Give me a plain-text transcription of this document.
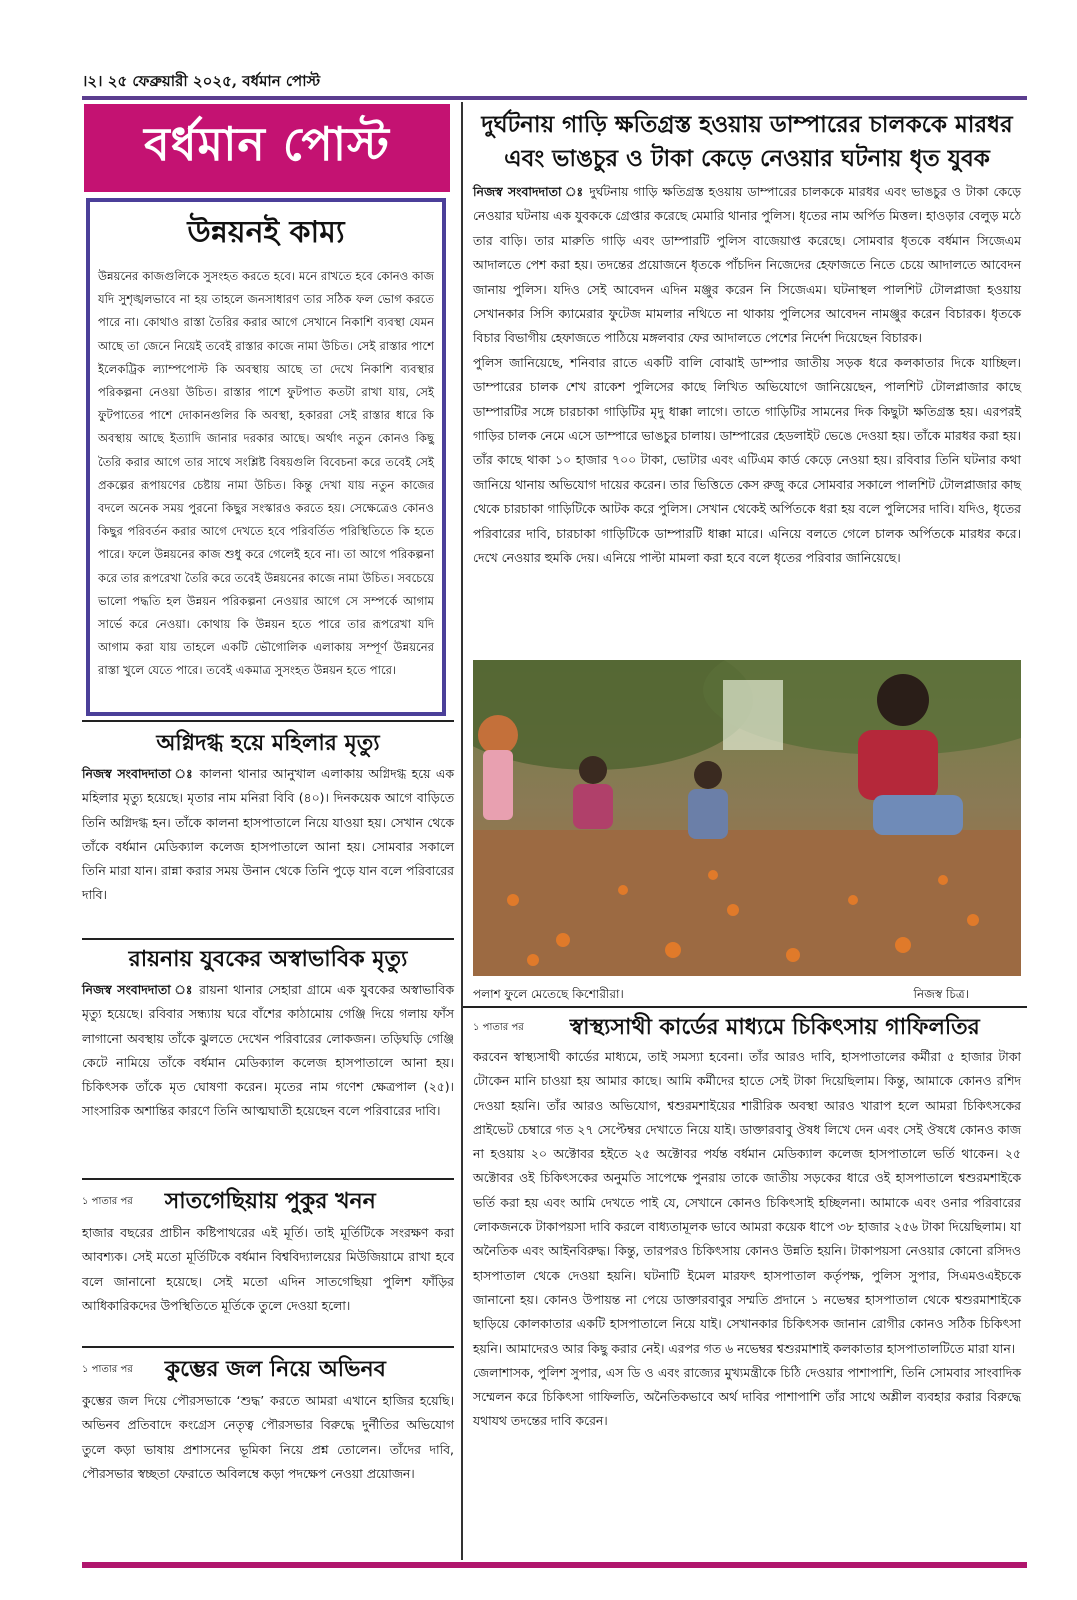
।২। ২৫ ফেব্রুয়ারী ২০২৫, বর্ধমান পোস্ট
বর্ধমান পোস্ট
উন্নয়নই কাম্য

উন্নয়নের কাজগুলিকে সুসংহত করতে হবে। মনে রাখতে হবে কোনও কাজ যদি সুশৃঙ্খলভাবে না হয় তাহলে জনসাধারণ তার সঠিক ফল ভোগ করতে পারে না। কোথাও রাস্তা তৈরির করার আগে সেখানে নিকাশি ব্যবস্থা যেমন আছে তা জেনে নিয়েই তবেই রাস্তার কাজে নামা উচিত। সেই রাস্তার পাশে ইলেকট্রিক ল্যাম্পপোস্ট কি অবস্থায় আছে তা দেখে নিকাশি ব্যবস্থার পরিকল্পনা নেওয়া উচিত। রাস্তার পাশে ফুটপাত কতটা রাখা যায়, সেই ফুটপাতের পাশে দোকানগুলির কি অবস্থা, হকাররা সেই রাস্তার ধারে কি অবস্থায় আছে ইত্যাদি জানার দরকার আছে। অর্থাৎ নতুন কোনও কিছু তৈরি করার আগে তার সাথে সংশ্লিষ্ট বিষয়গুলি বিবেচনা করে তবেই সেই প্রকল্পের রূপায়ণের চেষ্টায় নামা উচিত। কিন্তু দেখা যায় নতুন কাজের বদলে অনেক সময় পুরনো কিছুর সংস্কারও করতে হয়। সেক্ষেত্রেও কোনও কিছুর পরিবর্তন করার আগে দেখতে হবে পরিবর্তিত পরিস্থিতিতে কি হতে পারে। ফলে উন্নয়নের কাজ শুধু করে গেলেই হবে না। তা আগে পরিকল্পনা করে তার রূপরেখা তৈরি করে তবেই উন্নয়নের কাজে নামা উচিত। সবচেয়ে ভালো পদ্ধতি হল উন্নয়ন পরিকল্পনা নেওয়ার আগে সে সম্পর্কে আগাম সার্ভে করে নেওয়া। কোথায় কি উন্নয়ন হতে পারে তার রূপরেখা যদি আগাম করা যায় তাহলে একটি ভৌগোলিক এলাকায় সম্পূর্ণ উন্নয়নের রাস্তা খুলে যেতে পারে। তবেই একমাত্র সুসংহত উন্নয়ন হতে পারে।

অগ্নিদগ্ধ হয়ে মহিলার মৃত্যু

নিজস্ব সংবাদদাতা ঃ কালনা থানার আনুখাল এলাকায় অগ্নিদগ্ধ হয়ে এক মহিলার মৃত্যু হয়েছে। মৃতার নাম মনিরা বিবি (৪০)। দিনকয়েক আগে বাড়িতে তিনি অগ্নিদগ্ধ হন। তাঁকে কালনা হাসপাতালে নিয়ে যাওয়া হয়। সেখান থেকে তাঁকে বর্ধমান মেডিক্যাল কলেজ হাসপাতালে আনা হয়। সোমবার সকালে তিনি মারা যান। রান্না করার সময় উনান থেকে তিনি পুড়ে যান বলে পরিবারের দাবি।

রায়নায় যুবকের অস্বাভাবিক মৃত্যু

নিজস্ব সংবাদদাতা ঃ রায়না থানার সেহারা গ্রামে এক যুবকের অস্বাভাবিক মৃত্যু হয়েছে। রবিবার সন্ধ্যায় ঘরে বাঁশের কাঠামোয় গেঞ্জি দিয়ে গলায় ফাঁস লাগানো অবস্থায় তাঁকে ঝুলতে দেখেন পরিবারের লোকজন। তড়িঘড়ি গেঞ্জি কেটে নামিয়ে তাঁকে বর্ধমান মেডিক্যাল কলেজ হাসপাতালে আনা হয়। চিকিৎসক তাঁকে মৃত ঘোষণা করেন। মৃতের নাম গণেশ ক্ষেত্রপাল (২৫)। সাংসারিক অশান্তির কারণে তিনি আত্মঘাতী হয়েছেন বলে পরিবারের দাবি।

১ পাতার পর সাতগেছিয়ায় পুকুর খনন

হাজার বছরের প্রাচীন কষ্টিপাথরের এই মূর্তি। তাই মূর্তিটিকে সংরক্ষণ করা আবশ্যক। সেই মতো মূর্তিটিকে বর্ধমান বিশ্ববিদ্যালয়ের মিউজিয়ামে রাখা হবে বলে জানানো হয়েছে। সেই মতো এদিন সাতগেছিয়া পুলিশ ফাঁড়ির আধিকারিকদের উপস্থিতিতে মূর্তিকে তুলে দেওয়া হলো।

১ পাতার পর কুম্ভের জল নিয়ে অভিনব

কুম্ভের জল দিয়ে পৌরসভাকে ‘শুদ্ধ’ করতে আমরা এখানে হাজির হয়েছি। অভিনব প্রতিবাদে কংগ্রেস নেতৃত্ব পৌরসভার বিরুদ্ধে দুর্নীতির অভিযোগ তুলে কড়া ভাষায় প্রশাসনের ভূমিকা নিয়ে প্রশ্ন তোলেন। তাঁদের দাবি, পৌরসভার স্বচ্ছতা ফেরাতে অবিলম্বে কড়া পদক্ষেপ নেওয়া প্রয়োজন।

দুর্ঘটনায় গাড়ি ক্ষতিগ্রস্ত হওয়ায় ডাম্পারের চালককে মারধর
এবং ভাঙচুর ও টাকা কেড়ে নেওয়ার ঘটনায় ধৃত যুবক

নিজস্ব সংবাদদাতা ঃ দুর্ঘটনায় গাড়ি ক্ষতিগ্রস্ত হওয়ায় ডাম্পারের চালককে মারধর এবং ভাঙচুর ও টাকা কেড়ে নেওয়ার ঘটনায় এক যুবককে গ্রেপ্তার করেছে মেমারি থানার পুলিস। ধৃতের নাম অর্পিত মিত্তল। হাওড়ার বেলুড় মঠে তার বাড়ি। তার মারুতি গাড়ি এবং ডাম্পারটি পুলিস বাজেয়াপ্ত করেছে। সোমবার ধৃতকে বর্ধমান সিজেএম আদালতে পেশ করা হয়। তদন্তের প্রয়োজনে ধৃতকে পাঁচদিন নিজেদের হেফাজতে নিতে চেয়ে আদালতে আবেদন জানায় পুলিস। যদিও সেই আবেদন এদিন মঞ্জুর করেন নি সিজেএম। ঘটনাস্থল পালশিট টোলপ্লাজা হওয়ায় সেখানকার সিসি ক্যামেরার ফুটেজ মামলার নথিতে না থাকায় পুলিসের আবেদন নামঞ্জুর করেন বিচারক। ধৃতকে বিচার বিভাগীয় হেফাজতে পাঠিয়ে মঙ্গলবার ফের আদালতে পেশের নির্দেশ দিয়েছেন বিচারক।

পুলিস জানিয়েছে, শনিবার রাতে একটি বালি বোঝাই ডাম্পার জাতীয় সড়ক ধরে কলকাতার দিকে যাচ্ছিল। ডাম্পারের চালক শেখ রাকেশ পুলিসের কাছে লিখিত অভিযোগে জানিয়েছেন, পালশিট টোলপ্লাজার কাছে ডাম্পারটির সঙ্গে চারচাকা গাড়িটির মৃদু ধাক্কা লাগে। তাতে গাড়িটির সামনের দিক কিছুটা ক্ষতিগ্রস্ত হয়। এরপরই গাড়ির চালক নেমে এসে ডাম্পারে ভাঙচুর চালায়। ডাম্পারের হেডলাইট ভেঙে দেওয়া হয়। তাঁকে মারধর করা হয়। তাঁর কাছে থাকা ১০ হাজার ৭০০ টাকা, ভোটার এবং এটিএম কার্ড কেড়ে নেওয়া হয়। রবিবার তিনি ঘটনার কথা জানিয়ে থানায় অভিযোগ দায়ের করেন। তার ভিত্তিতে কেস রুজু করে সোমবার সকালে পালশিট টোলপ্লাজার কাছ থেকে চারচাকা গাড়িটিকে আটক করে পুলিস। সেখান থেকেই অর্পিতকে ধরা হয় বলে পুলিসের দাবি। যদিও, ধৃতের পরিবারের দাবি, চারচাকা গাড়িটিকে ডাম্পারটি ধাক্কা মারে। এনিয়ে বলতে গেলে চালক অর্পিতকে মারধর করে। দেখে নেওয়ার হুমকি দেয়। এনিয়ে পাল্টা মামলা করা হবে বলে ধৃতের পরিবার জানিয়েছে।

পলাশ ফুলে মেতেছে কিশোরীরা।	নিজস্ব চিত্র।
১ পাতার পর স্বাস্থ্যসাথী কার্ডের মাধ্যমে চিকিৎসায় গাফিলতির

করবেন স্বাস্থ্যসাথী কার্ডের মাধ্যমে, তাই সমস্যা হবেনা। তাঁর আরও দাবি, হাসপাতালের কর্মীরা ৫ হাজার টাকা টোকেন মানি চাওয়া হয় আমার কাছে। আমি কর্মীদের হাতে সেই টাকা দিয়েছিলাম। কিন্তু, আমাকে কোনও রশিদ দেওয়া হয়নি। তাঁর আরও অভিযোগ, শ্বশুরমশাইয়ের শারীরিক অবস্থা আরও খারাপ হলে আমরা চিকিৎসকের প্রাইভেট চেম্বারে গত ২৭ সেপ্টেম্বর দেখাতে নিয়ে যাই। ডাক্তারবাবু ঔষধ লিখে দেন এবং সেই ঔষধে কোনও কাজ না হওয়ায় ২০ অক্টোবর হইতে ২৫ অক্টোবর পর্যন্ত বর্ধমান মেডিক্যাল কলেজ হাসপাতালে ভর্তি থাকেন। ২৫ অক্টোবর ওই চিকিৎসকের অনুমতি সাপেক্ষে পুনরায় তাকে জাতীয় সড়কের ধারে ওই হাসপাতালে শ্বশুরমশাইকে ভর্তি করা হয় এবং আমি দেখতে পাই যে, সেখানে কোনও চিকিৎসাই হচ্ছিলনা। আমাকে এবং ওনার পরিবারের লোকজনকে টাকাপয়সা দাবি করলে বাধ্যতামূলক ভাবে আমরা কয়েক ধাপে ৩৮ হাজার ২৫৬ টাকা দিয়েছিলাম। যা অনৈতিক এবং আইনবিরুদ্ধ। কিন্তু, তারপরও চিকিৎসায় কোনও উন্নতি হয়নি। টাকাপয়সা নেওয়ার কোনো রসিদও হাসপাতাল থেকে দেওয়া হয়নি। ঘটনাটি ইমেল মারফৎ হাসপাতাল কর্তৃপক্ষ, পুলিস সুপার, সিএমওএইচকে জানানো হয়। কোনও উপায়ন্ত না পেয়ে ডাক্তারবাবুর সম্মতি প্রদানে ১ নভেম্বর হাসপাতাল থেকে শ্বশুরমাশাইকে ছাড়িয়ে কোলকাতার একটি হাসপাতালে নিয়ে যাই। সেখানকার চিকিৎসক জানান রোগীর কোনও সঠিক চিকিৎসা হয়নি। আমাদেরও আর কিছু করার নেই। এরপর গত ৬ নভেম্বর শ্বশুরমাশাই কলকাতার হাসপাতালটিতে মারা যান।

জেলাশাসক, পুলিশ সুপার, এস ডি ও এবং রাজ্যের মুখ্যমন্ত্রীকে চিঠি দেওয়ার পাশাপাশি, তিনি সোমবার সাংবাদিক সম্মেলন করে চিকিৎসা গাফিলতি, অনৈতিকভাবে অর্থ দাবির পাশাপাশি তাঁর সাথে অশ্লীল ব্যবহার করার বিরুদ্ধে যথাযথ তদন্তের দাবি করেন।
